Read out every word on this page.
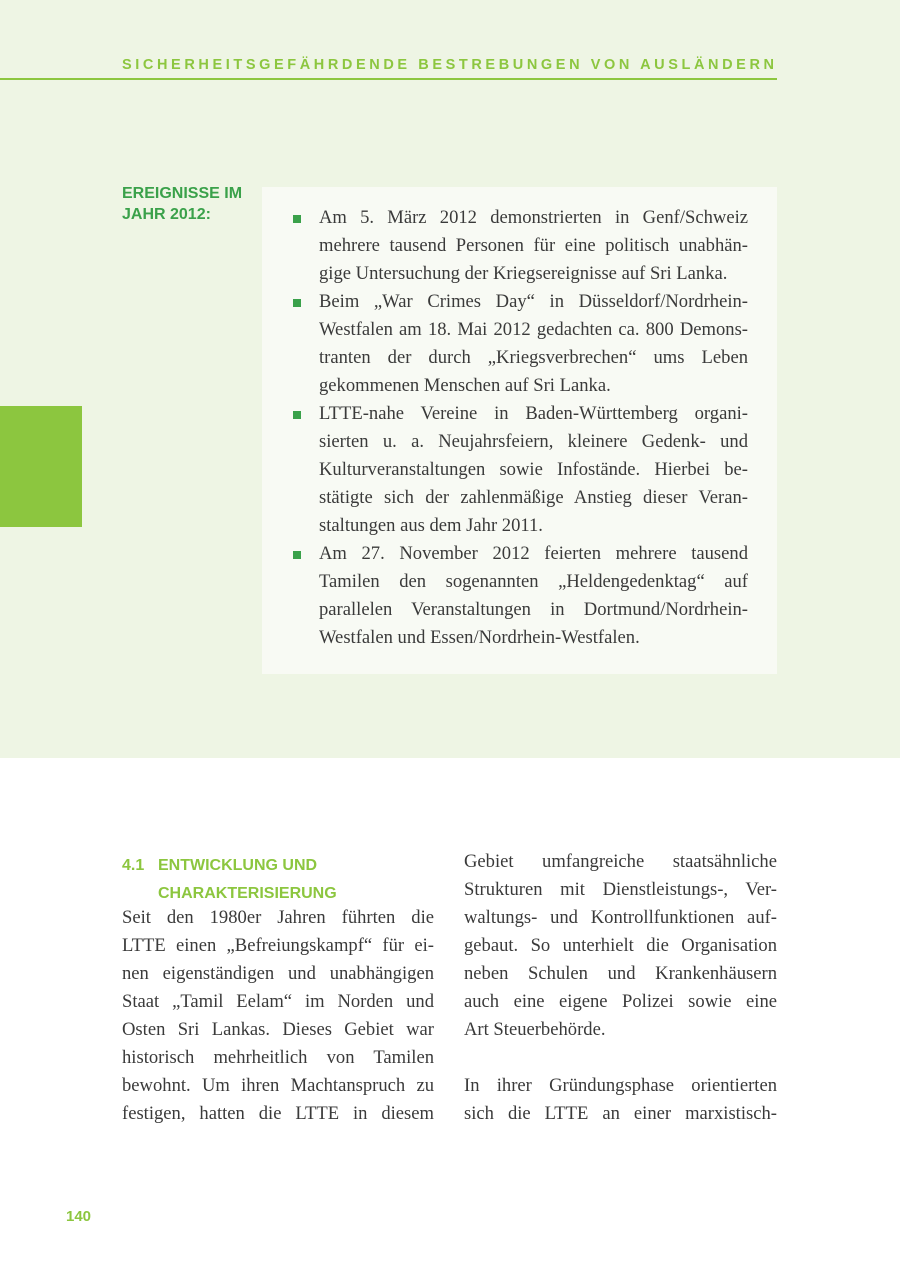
SICHERHEITSGEFÄHRDENDE BESTREBUNGEN VON AUSLÄNDERN
EREIGNISSE IM
JAHR 2012:	Am 5. März 2012 demonstrierten in Genf/Schweiz
mehrere tausend Personen für eine politisch unabhän-
gige Untersuchung der Kriegsereignisse auf Sri Lanka.
Beim „War Crimes Day“ in Düsseldorf/Nordrhein-
Westfalen am 18. Mai 2012 gedachten ca. 800 Demons-
tranten der durch „Kriegsverbrechen“ ums Leben
gekommenen Menschen auf Sri Lanka.
LTTE-nahe Vereine in Baden-Württemberg organi-
sierten u. a. Neujahrsfeiern, kleinere Gedenk- und
Kulturveranstaltungen sowie Infostände. Hierbei be-
stätigte sich der zahlenmäßige Anstieg dieser Veran-
staltungen aus dem Jahr 2011.
Am 27. November 2012 feierten mehrere tausend
Tamilen den sogenannten „Heldengedenktag“ auf
parallelen Veranstaltungen in Dortmund/Nordrhein-
Westfalen und Essen/Nordrhein-Westfalen.
4.1 ENTWICKLUNG UND
CHARAKTERISIERUNG
Seit den 1980er Jahren führten die
LTTE einen „Befreiungskampf“ für ei-
nen eigenständigen und unabhängigen
Staat „Tamil Eelam“ im Norden und
Osten Sri Lankas. Dieses Gebiet war
historisch mehrheitlich von Tamilen
bewohnt. Um ihren Machtanspruch zu
festigen, hatten die LTTE in diesem
Gebiet umfangreiche staatsähnliche
Strukturen mit Dienstleistungs-, Ver-
waltungs- und Kontrollfunktionen auf-
gebaut. So unterhielt die Organisation
neben Schulen und Krankenhäusern
auch eine eigene Polizei sowie eine
Art Steuerbehörde.
In ihrer Gründungsphase orientierten
sich die LTTE an einer marxistisch-
140
